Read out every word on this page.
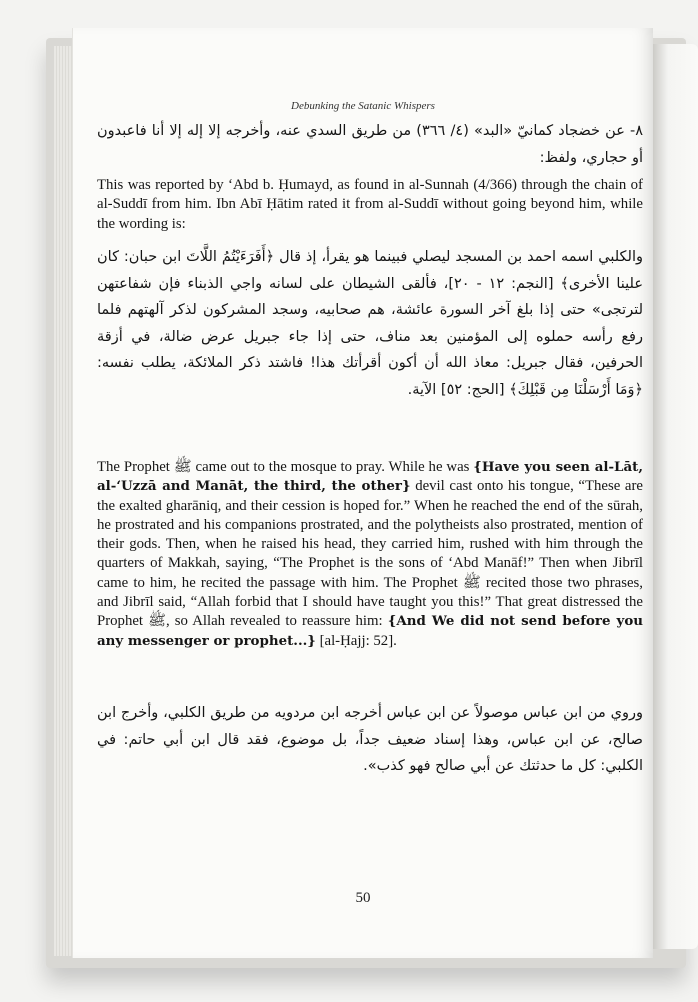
Debunking the Satanic Whispers

٨- عن خضجاد كمانيّ «البد» (٤/ ٣٦٦) من طريق السدي عنه، وأخرجه إلا إله إلا أنا فاعبدون أو حجاري، ولفظ:

This was reported by ‘Abd b. Ḥumayd, as found in al-Sunnah (4/366) through the chain of al-Suddī from him. Ibn Abī Ḥātim rated it from al-Suddī without going beyond him, while the wording is:

والكلبي اسمه احمد بن المسجد ليصلي فبينما هو يقرأ، إذ قال ﴿أَفَرَءَيْتُمُ اللَّاتَ ابن حبان: كان علينا الأخرى﴾ [النجم: ١٢ - ٢٠]، فألقى الشيطان على لسانه واجي الذبناء فإن شفاعتهن لترتجى» حتى إذا بلغ آخر السورة عائشة، هم صحابيه، وسجد المشركون لذكر آلهتهم فلما رفع رأسه حملوه إلى المؤمنين بعد مناف، حتى إذا جاء جبريل عرض ضالة، في أزقة الحرفين، فقال جبريل: معاذ الله أن أكون أقرأتك هذا! فاشتد ذكر الملائكة، يطلب نفسه: ﴿وَمَا أَرْسَلْنَا مِن قَبْلِكَ﴾ [الحج: ٥٢] الآية.

The Prophet ﷺ came out to the mosque to pray. While he was {Have you seen al-Lāt, al-‘Uzzā and Manāt, the third, the other} devil cast onto his tongue, “These are the exalted gharāniq, and their cession is hoped for.” When he reached the end of the sūrah, he prostrated and his companions prostrated, and the polytheists also prostrated, mention of their gods. Then, when he raised his head, they carried him, rushed with him through the quarters of Makkah, saying, “The Prophet is the sons of ‘Abd Manāf!” Then when Jibrīl came to him, he recited the passage with him. The Prophet ﷺ recited those two phrases, and Jibrīl said, “Allah forbid that I should have taught you this!” That great distressed the Prophet ﷺ, so Allah revealed to reassure him: {And We did not send before you any messenger or prophet...} [al-Ḥajj: 52].

وروي من ابن عباس موصولاً عن ابن عباس أخرجه ابن مردويه من طريق الكلبي، وأخرج ابن صالح، عن ابن عباس، وهذا إسناد ضعيف جداً، بل موضوع، فقد قال ابن أبي حاتم: في الكلبي: كل ما حدثتك عن أبي صالح فهو كذب».

50
